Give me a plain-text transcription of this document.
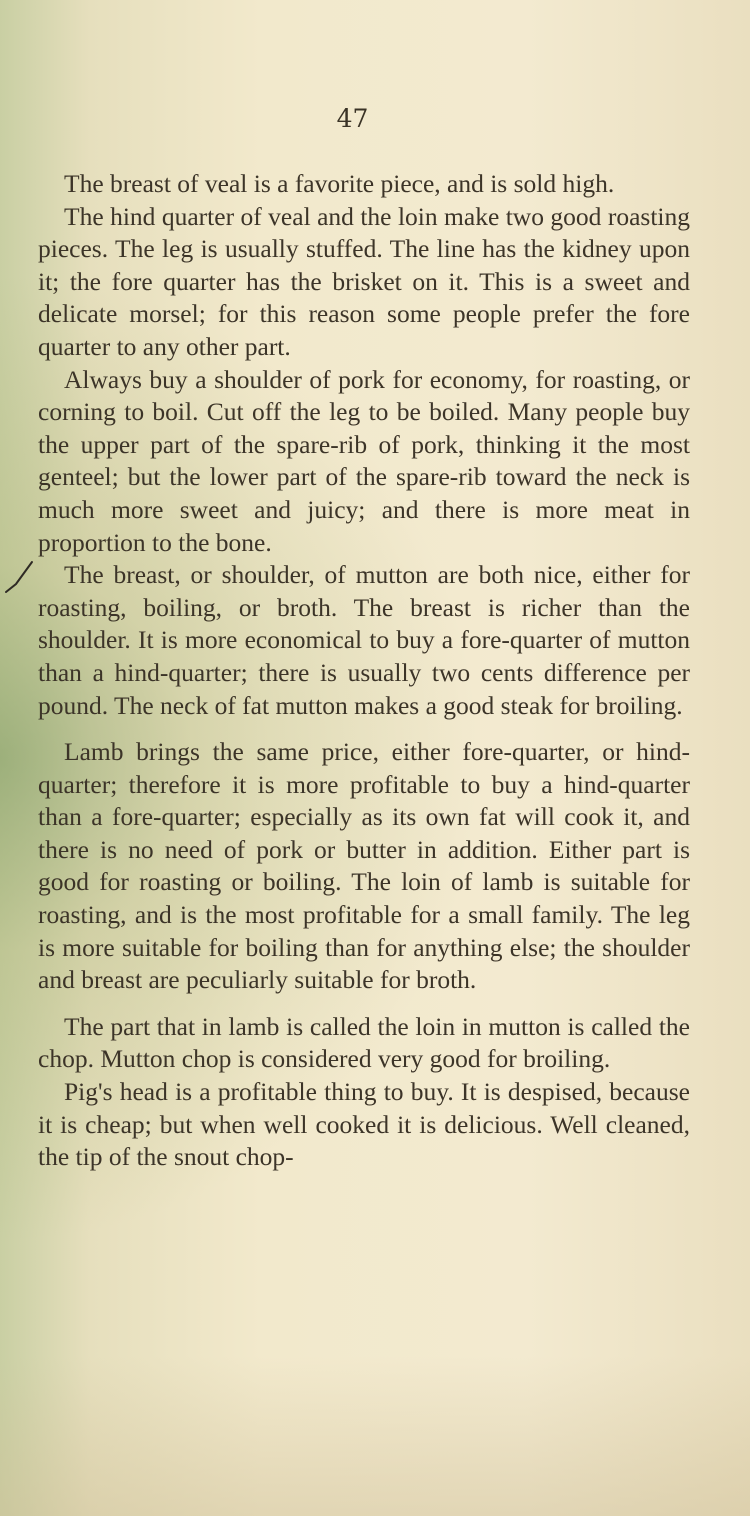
47

The breast of veal is a favorite piece, and is sold high.

The hind quarter of veal and the loin make two good roasting pieces. The leg is usually stuffed. The line has the kidney upon it; the fore quarter has the brisket on it. This is a sweet and delicate morsel; for this reason some people prefer the fore quarter to any other part.

Always buy a shoulder of pork for economy, for roasting, or corning to boil. Cut off the leg to be boiled. Many people buy the upper part of the spare-rib of pork, thinking it the most genteel; but the lower part of the spare-rib toward the neck is much more sweet and juicy; and there is more meat in proportion to the bone.

The breast, or shoulder, of mutton are both nice, either for roasting, boiling, or broth. The breast is richer than the shoulder. It is more economical to buy a fore-quarter of mutton than a hind-quarter; there is usually two cents difference per pound. The neck of fat mutton makes a good steak for broiling.

Lamb brings the same price, either fore-quarter, or hind-quarter; therefore it is more profitable to buy a hind-quarter than a fore-quarter; especially as its own fat will cook it, and there is no need of pork or butter in addition. Either part is good for roasting or boiling. The loin of lamb is suitable for roasting, and is the most profitable for a small family. The leg is more suitable for boiling than for anything else; the shoulder and breast are peculiarly suitable for broth.

The part that in lamb is called the loin in mutton is called the chop. Mutton chop is considered very good for broiling.

Pig's head is a profitable thing to buy. It is despised, because it is cheap; but when well cooked it is delicious. Well cleaned, the tip of the snout chop-
